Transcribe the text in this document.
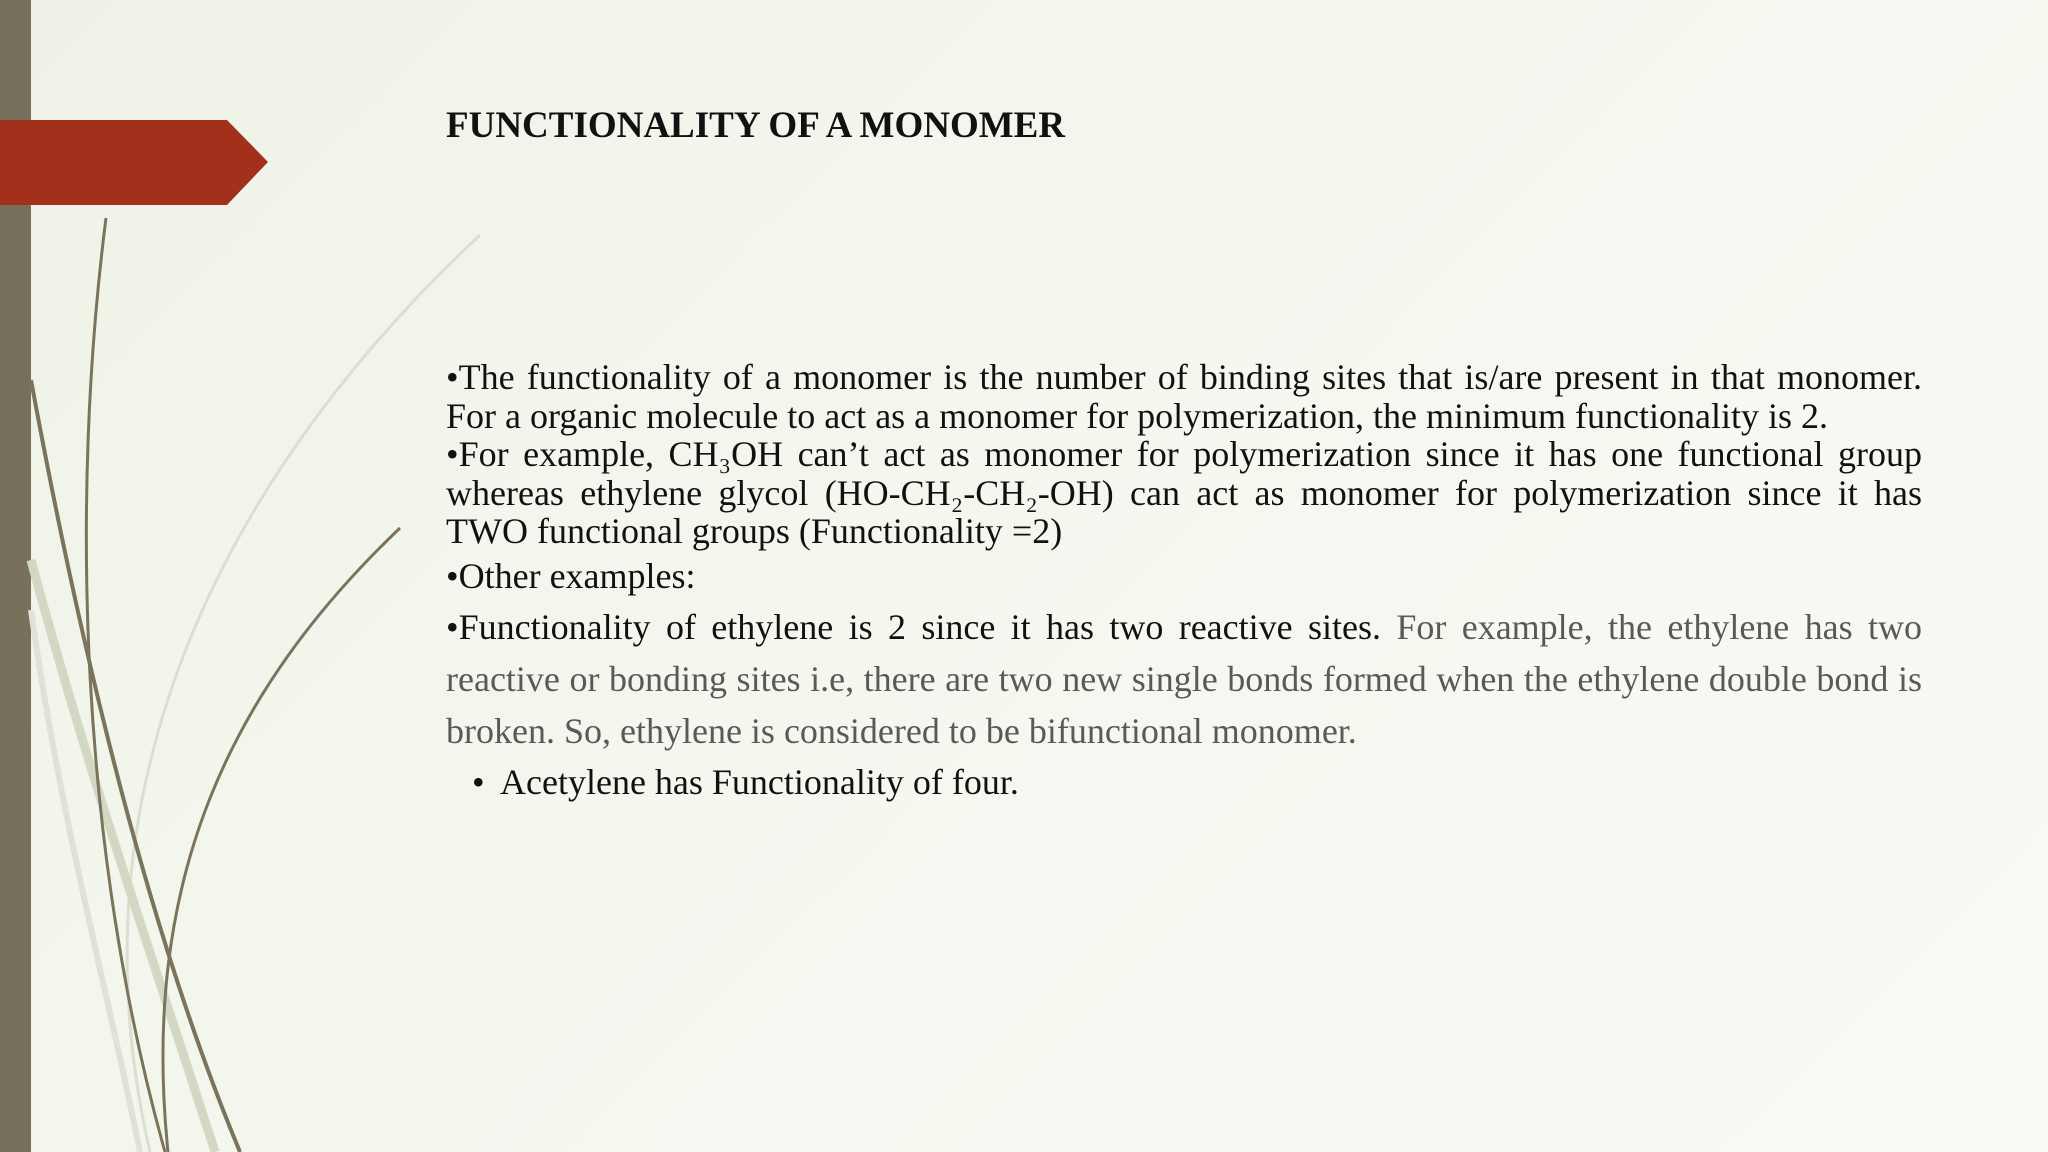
FUNCTIONALITY OF A MONOMER

•The functionality of a monomer is the number of binding sites that is/are present in that monomer. For a organic molecule to act as a monomer for polymerization, the minimum functionality is 2.

•For example, CH₃OH can’t act as monomer for polymerization since it has one functional group whereas ethylene glycol (HO-CH₂-CH₂-OH) can act as monomer for polymerization since it has TWO functional groups (Functionality =2)

•Other examples:

•Functionality of ethylene is 2 since it has two reactive sites. For example, the ethylene has two reactive or bonding sites i.e, there are two new single bonds formed when the ethylene double bond is broken. So, ethylene is considered to be bifunctional monomer.

• Acetylene has Functionality of four.
